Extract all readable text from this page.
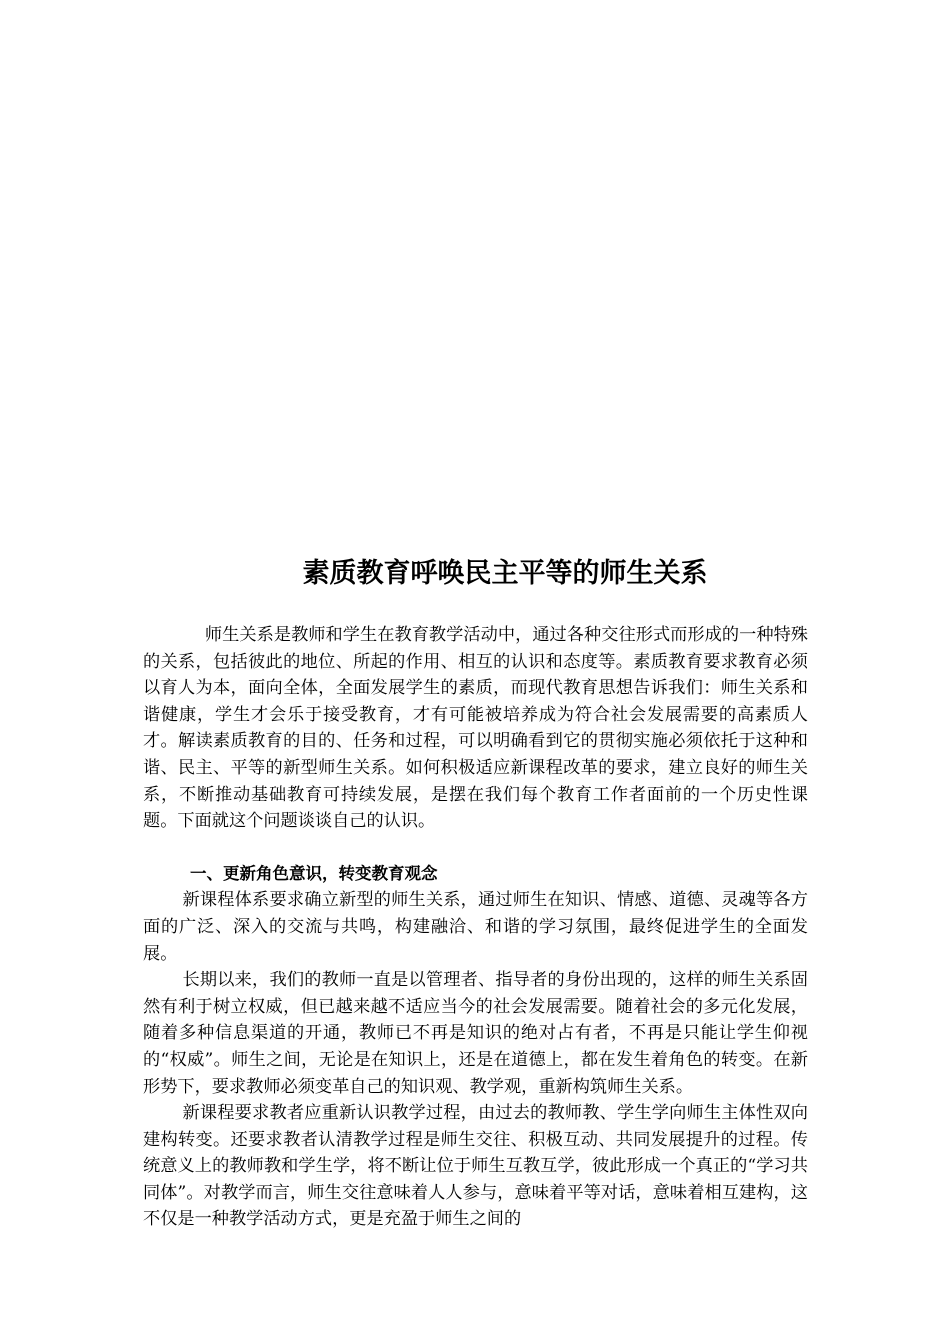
素质教育呼唤民主平等的师生关系

师生关系是教师和学生在教育教学活动中，通过各种交往形式而形成的一种特殊的关系，包括彼此的地位、所起的作用、相互的认识和态度等。素质教育要求教育必须以育人为本，面向全体，全面发展学生的素质，而现代教育思想告诉我们：师生关系和谐健康，学生才会乐于接受教育，才有可能被培养成为符合社会发展需要的高素质人才。解读素质教育的目的、任务和过程，可以明确看到它的贯彻实施必须依托于这种和谐、民主、平等的新型师生关系。如何积极适应新课程改革的要求，建立良好的师生关系，不断推动基础教育可持续发展，是摆在我们每个教育工作者面前的一个历史性课题。下面就这个问题谈谈自己的认识。

一、更新角色意识，转变教育观念

新课程体系要求确立新型的师生关系，通过师生在知识、情感、道德、灵魂等各方面的广泛、深入的交流与共鸣，构建融洽、和谐的学习氛围，最终促进学生的全面发展。

长期以来，我们的教师一直是以管理者、指导者的身份出现的，这样的师生关系固然有利于树立权威，但已越来越不适应当今的社会发展需要。随着社会的多元化发展，随着多种信息渠道的开通，教师已不再是知识的绝对占有者，不再是只能让学生仰视的“权威”。师生之间，无论是在知识上，还是在道德上，都在发生着角色的转变。在新形势下，要求教师必须变革自己的知识观、教学观，重新构筑师生关系。

新课程要求教者应重新认识教学过程，由过去的教师教、学生学向师生主体性双向建构转变。还要求教者认清教学过程是师生交往、积极互动、共同发展提升的过程。传统意义上的教师教和学生学，将不断让位于师生互教互学，彼此形成一个真正的“学习共同体”。对教学而言，师生交往意味着人人参与，意味着平等对话，意味着相互建构，这不仅是一种教学活动方式，更是充盈于师生之间的
